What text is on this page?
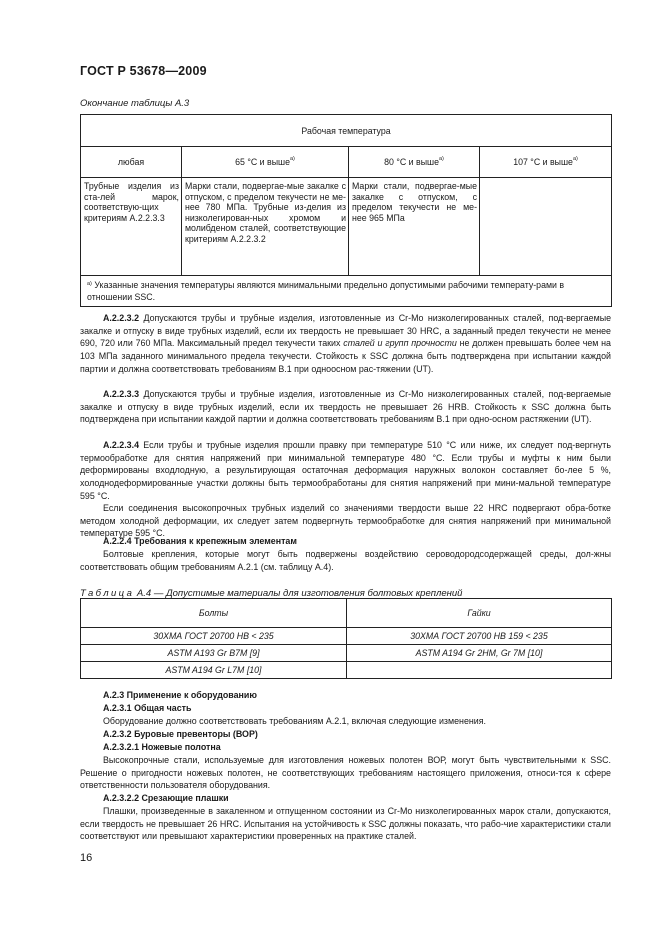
ГОСТ Р 53678—2009
Окончание таблицы А.3
Рабочая температура			
любая	65 °С и выше$^{а)}$	80 °С и выше$^{а)}$	107 °С и выше$^{а)}$
Трубные изделия из ста-лей марок, соответствую-щих критериям А.2.2.3.3	Марки стали, подвергае-мые закалке с отпуском, с пределом текучести не ме-нее 780 МПа. Трубные из-делия из низколегирован-ных хромом и молибденом сталей, соответствующие критериям А.2.2.3.2	Марки стали, подвергае-мые закалке с отпуском, с пределом текучести не ме-нее 965 МПа	
$^{а)}$ Указанные значения температуры являются минимальными предельно допустимыми рабочими температу-рами в отношении SSC.			
А.2.2.3.2 Допускаются трубы и трубные изделия, изготовленные из Cr-Mo низколегированных сталей, под-вергаемые закалке и отпуску в виде трубных изделий, если их твердость не превышает 30 HRC, а заданный предел текучести не менее 690, 720 или 760 МПа. Максимальный предел текучести таких сталей и групп прочности не должен превышать более чем на 103 МПа заданного минимального предела текучести. Стойкость к SSC должна быть подтверждена при испытании каждой партии и должна соответствовать требованиям В.1 при одноосном рас-тяжении (UT).
А.2.2.3.3 Допускаются трубы и трубные изделия, изготовленные из Cr-Mo низколегированных сталей, под-вергаемые закалке и отпуску в виде трубных изделий, если их твердость не превышает 26 HRB. Стойкость к SSC должна быть подтверждена при испытании каждой партии и должна соответствовать требованиям В.1 при одно-осном растяжении (UT).
А.2.2.3.4 Если трубы и трубные изделия прошли правку при температуре 510 °С или ниже, их следует под-вергнуть термообработке для снятия напряжений при минимальной температуре 480 °С. Если трубы и муфты к ним были деформированы входлодную, а результирующая остаточная деформация наружных волокон составляет бо-лее 5 %, холоднодеформированные участки должны быть термообработаны для снятия напряжений при мини-мальной температуре 595 °С.
Если соединения высокопрочных трубных изделий со значениями твердости выше 22 HRC подвергают обра-ботке методом холодной деформации, их следует затем подвергнуть термообработке для снятия напряжений при минимальной температуре 595 °С.
А.2.2.4 Требования к крепежным элементам
Болтовые крепления, которые могут быть подвержены воздействию сероводородсодержащей среды, дол-жны соответствовать общим требованиям А.2.1 (см. таблицу А.4).
Таблица А.4 — Допустимые материалы для изготовления болтовых креплений
Болты	Гайки
30ХМА ГОСТ 20700 НВ < 235	30ХМА ГОСТ 20700 НВ 159 < 235
ASTM A193 Gr B7M [9]	ASTM A194 Gr 2HM, Gr 7M [10]
ASTM A194 Gr L7M [10]	
А.2.3 Применение к оборудованию
А.2.3.1 Общая часть
Оборудование должно соответствовать требованиям А.2.1, включая следующие изменения.
А.2.3.2 Буровые превенторы (ВОР)
А.2.3.2.1 Ножевые полотна
Высокопрочные стали, используемые для изготовления ножевых полотен ВОР, могут быть чувствительными к SSC. Решение о пригодности ножевых полотен, не соответствующих требованиям настоящего приложения, относи-тся к сфере ответственности пользователя оборудования.
А.2.3.2.2 Срезающие плашки
Плашки, произведенные в закаленном и отпущенном состоянии из Cr-Mo низколегированных марок стали, допускаются, если твердость не превышает 26 HRC. Испытания на устойчивость к SSC должны показать, что рабо-чие характеристики стали соответствуют или превышают характеристики проверенных на практике сталей.
16
